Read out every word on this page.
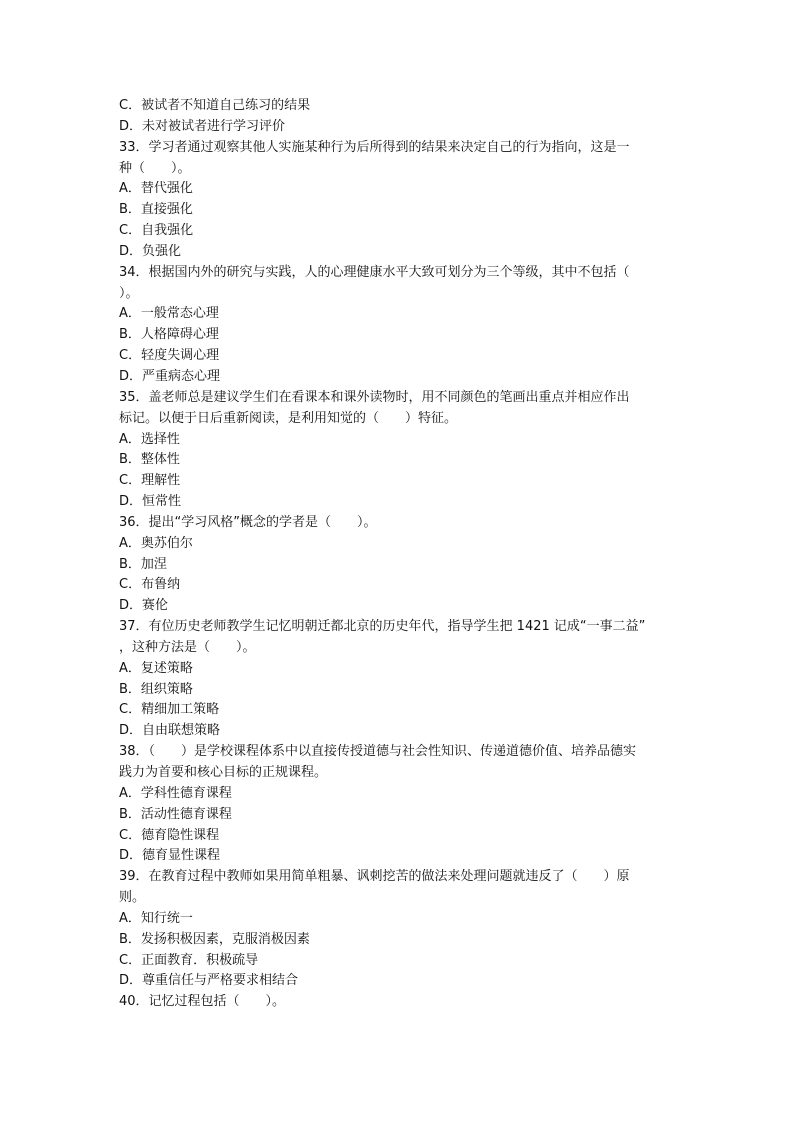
C．被试者不知道自己练习的结果
D．未对被试者进行学习评价
33．学习者通过观察其他人实施某种行为后所得到的结果来决定自己的行为指向，这是一
种（　　）。
A．替代强化
B．直接强化
C．自我强化
D．负强化
34．根据国内外的研究与实践，人的心理健康水平大致可划分为三个等级，其中不包括（
）。
A．一般常态心理
B．人格障碍心理
C．轻度失调心理
D．严重病态心理
35．盖老师总是建议学生们在看课本和课外读物时，用不同颜色的笔画出重点并相应作出
标记。以便于日后重新阅读，是利用知觉的（　　）特征。
A．选择性
B．整体性
C．理解性
D．恒常性
36．提出“学习风格”概念的学者是（　　）。
A．奥苏伯尔
B．加涅
C．布鲁纳
D．赛伦
37．有位历史老师教学生记忆明朝迁都北京的历史年代，指导学生把 1421 记成“一事二益”
，这种方法是（　　）。
A．复述策略
B．组织策略
C．精细加工策略
D．自由联想策略
38．（　　）是学校课程体系中以直接传授道德与社会性知识、传递道德价值、培养品德实
践力为首要和核心目标的正规课程。
A．学科性德育课程
B．活动性德育课程
C．德育隐性课程
D．德育显性课程
39．在教育过程中教师如果用简单粗暴、讽刺挖苦的做法来处理问题就违反了（　　）原
则。
A．知行统一
B．发扬积极因素，克服消极因素
C．正面教育．积极疏导
D．尊重信任与严格要求相结合
40．记忆过程包括（　　）。
